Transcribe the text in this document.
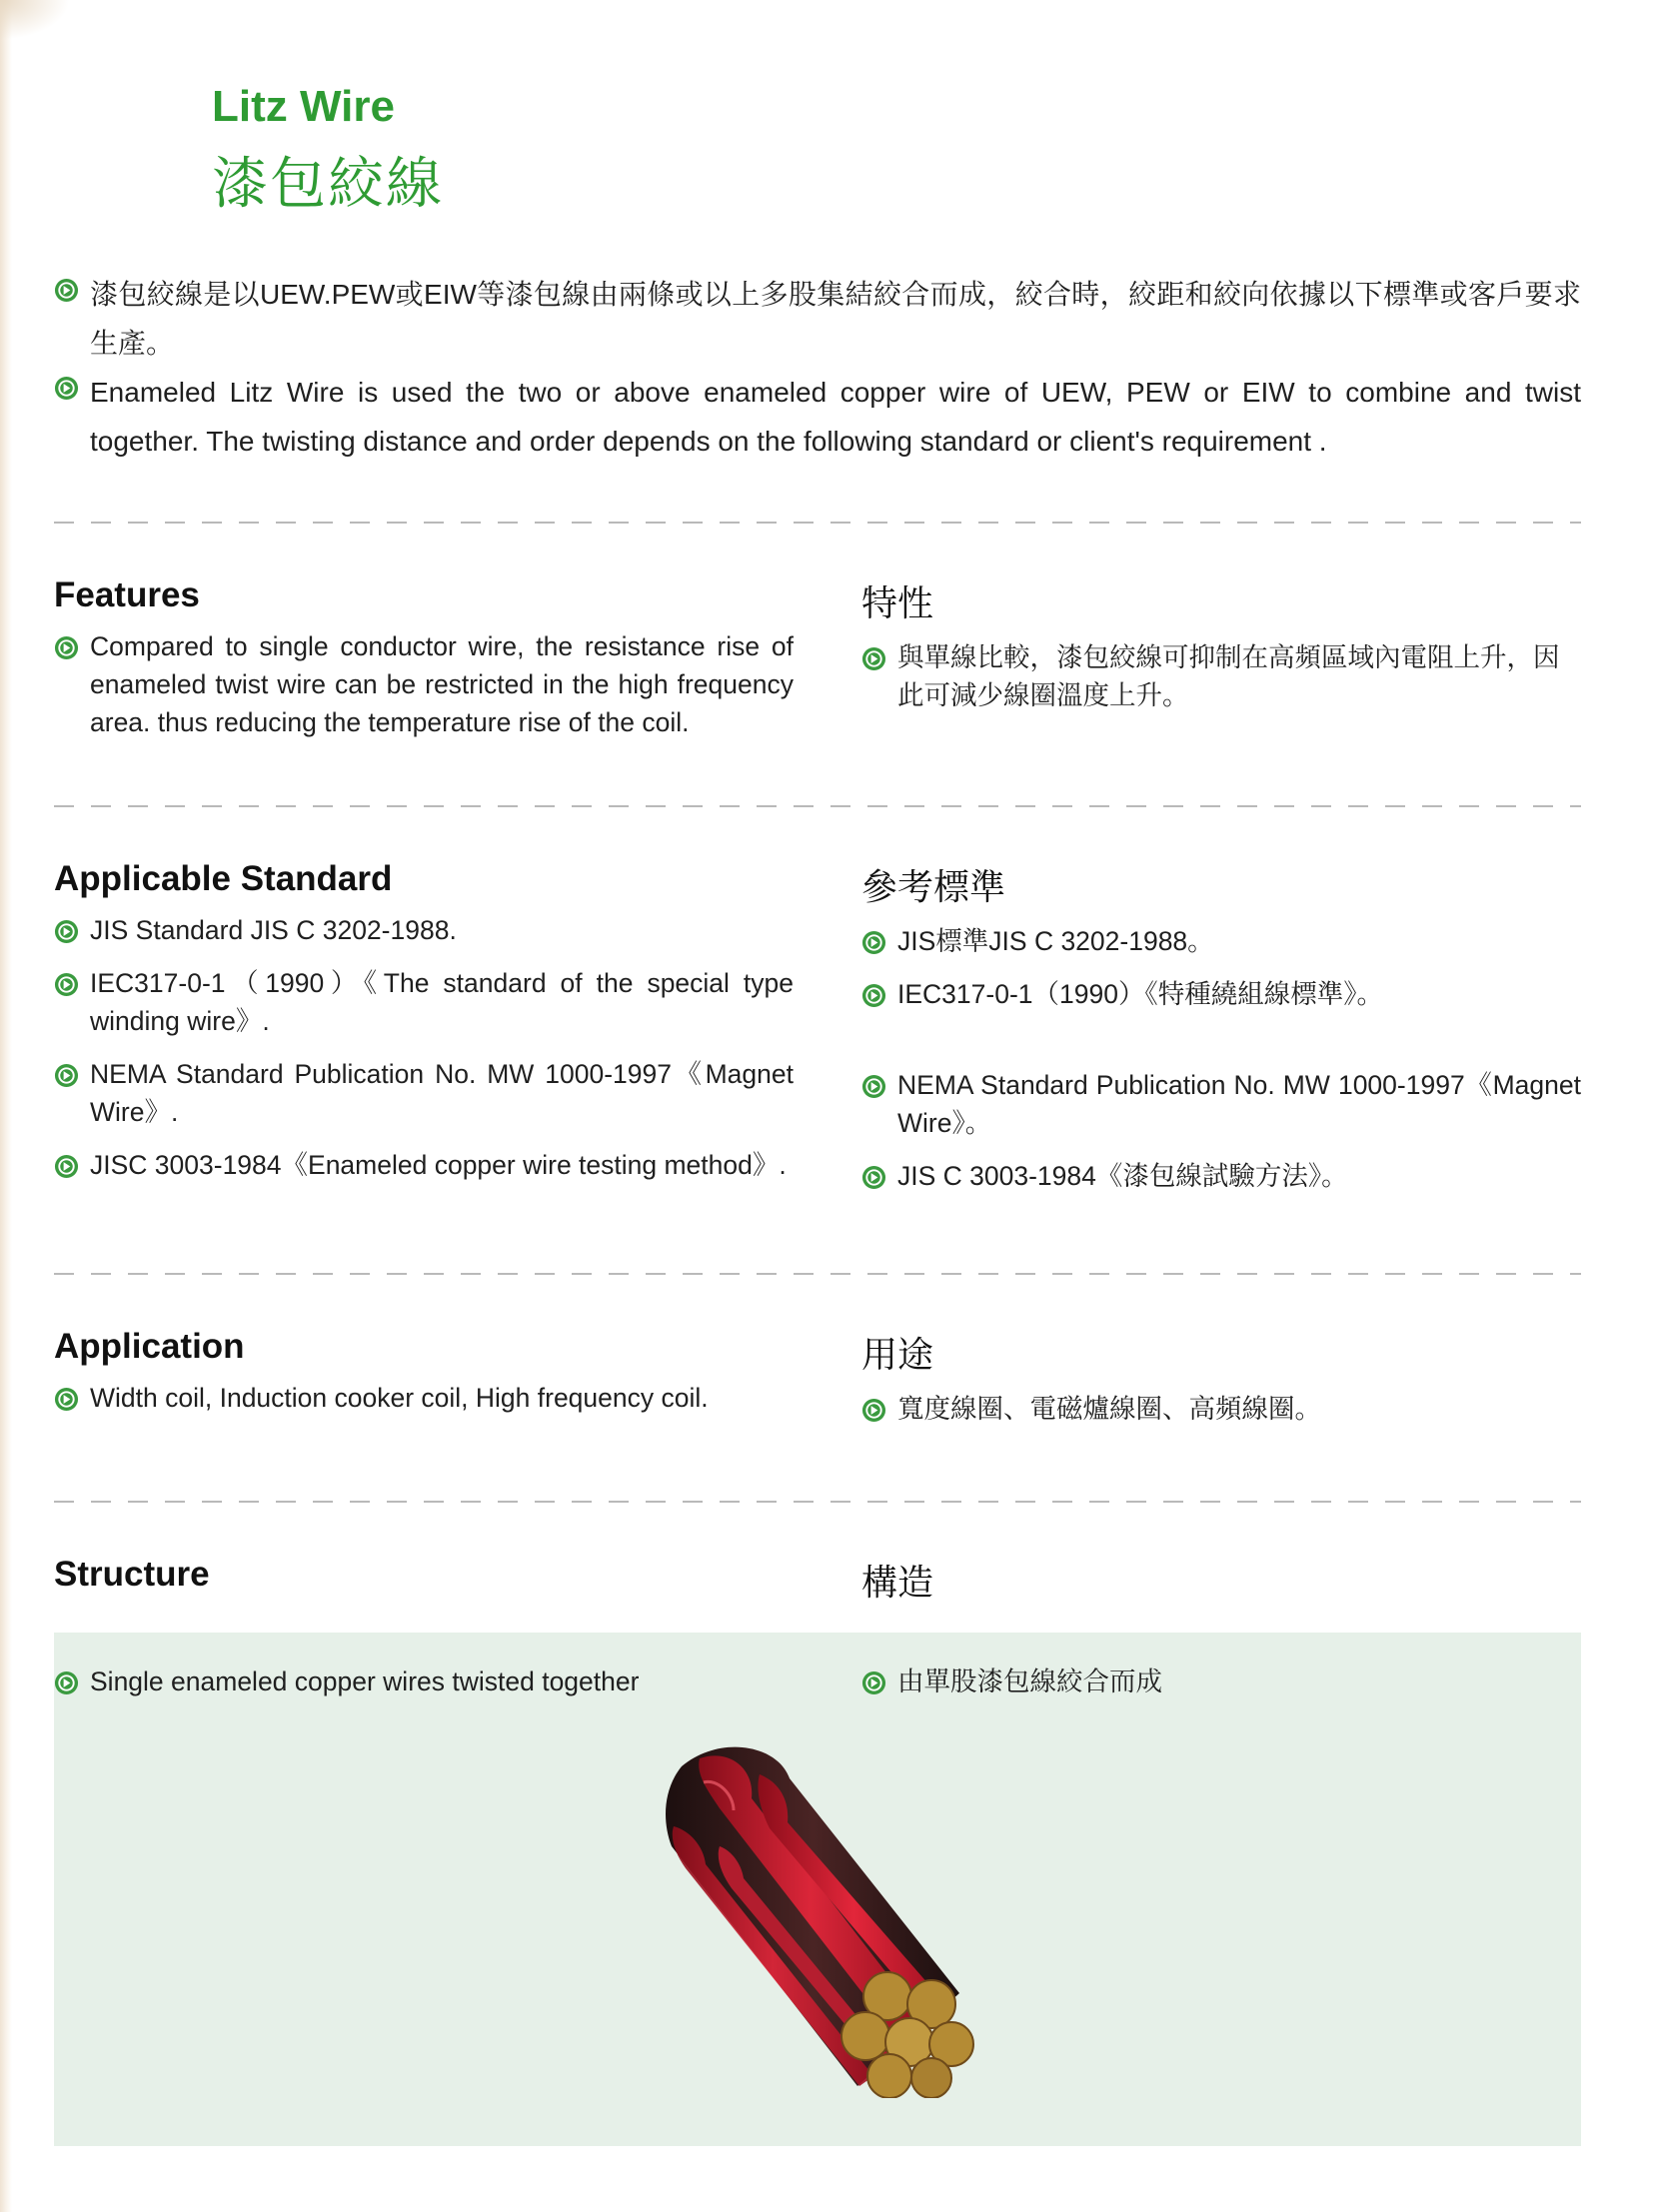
Litz Wire
漆包絞線
漆包絞線是以UEW.PEW或EIW等漆包線由兩條或以上多股集結絞合而成，絞合時，絞距和絞向依據以下標準或客戶要求生產。
Enameled Litz Wire is used the two or above enameled copper wire of UEW, PEW or EIW to combine and twist together. The twisting distance and order depends on the following standard or client's requirement .
Features
Compared to single conductor wire, the resistance rise of enameled twist wire can be restricted in the high frequency area. thus reducing the temperature rise of the coil.
特性
與單線比較，漆包絞線可抑制在高頻區域內電阻上升，因此可減少線圈溫度上升。
Applicable Standard
JIS Standard JIS C 3202-1988.
IEC317-0-1（1990）《The standard of the special type winding wire》.
NEMA Standard Publication No. MW 1000-1997《Magnet Wire》.
JISC 3003-1984《Enameled copper wire testing method》.
參考標準
JIS標準JIS C 3202-1988。
IEC317-0-1（1990）《特種繞組線標準》。
NEMA Standard Publication No. MW 1000-1997《Magnet Wire》。
JIS C 3003-1984《漆包線試驗方法》。
Application
Width coil, Induction cooker coil, High frequency coil.
用途
寬度線圈、電磁爐線圈、高頻線圈。
Structure	構造
Single enameled copper wires twisted together	由單股漆包線絞合而成
